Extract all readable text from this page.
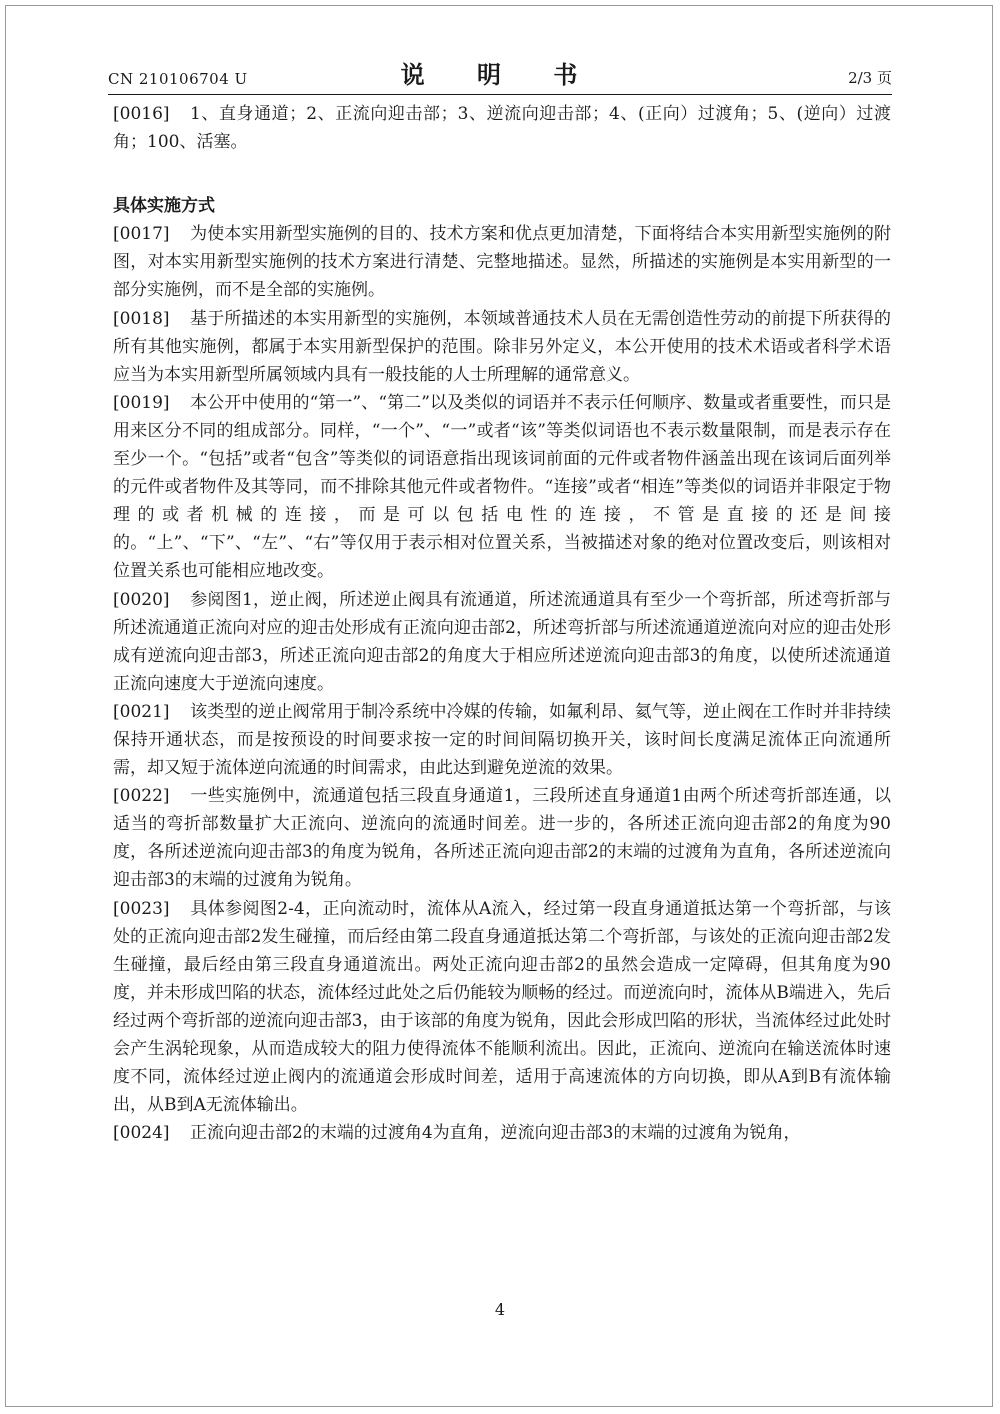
CN 210106704 U	说 明 书	2/3 页

[0016] 1、直身通道；2、正流向迎击部；3、逆流向迎击部；4、(正向）过渡角；5、(逆向）过渡角；100、活塞。

具体实施方式

[0017] 为使本实用新型实施例的目的、技术方案和优点更加清楚，下面将结合本实用新型实施例的附图，对本实用新型实施例的技术方案进行清楚、完整地描述。显然，所描述的实施例是本实用新型的一部分实施例，而不是全部的实施例。

[0018] 基于所描述的本实用新型的实施例，本领域普通技术人员在无需创造性劳动的前提下所获得的所有其他实施例，都属于本实用新型保护的范围。除非另外定义，本公开使用的技术术语或者科学术语应当为本实用新型所属领域内具有一般技能的人士所理解的通常意义。

[0019] 本公开中使用的“第一”、“第二”以及类似的词语并不表示任何顺序、数量或者重要性，而只是用来区分不同的组成部分。同样，“一个”、“一”或者“该”等类似词语也不表示数量限制，而是表示存在至少一个。“包括”或者“包含”等类似的词语意指出现该词前面的元件或者物件涵盖出现在该词后面列举的元件或者物件及其等同，而不排除其他元件或者物件。“连接”或者“相连”等类似的词语并非限定于物理的或者机械的连接，而是可以包括电性的连接，不管是直接的还是间接的。“上”、“下”、“左”、“右”等仅用于表示相对位置关系，当被描述对象的绝对位置改变后，则该相对位置关系也可能相应地改变。

[0020] 参阅图1，逆止阀，所述逆止阀具有流通道，所述流通道具有至少一个弯折部，所述弯折部与所述流通道正流向对应的迎击处形成有正流向迎击部2，所述弯折部与所述流通道逆流向对应的迎击处形成有逆流向迎击部3，所述正流向迎击部2的角度大于相应所述逆流向迎击部3的角度，以使所述流通道正流向速度大于逆流向速度。

[0021] 该类型的逆止阀常用于制冷系统中冷媒的传输，如氟利昂、氦气等，逆止阀在工作时并非持续保持开通状态，而是按预设的时间要求按一定的时间间隔切换开关，该时间长度满足流体正向流通所需，却又短于流体逆向流通的时间需求，由此达到避免逆流的效果。

[0022] 一些实施例中，流通道包括三段直身通道1，三段所述直身通道1由两个所述弯折部连通，以适当的弯折部数量扩大正流向、逆流向的流通时间差。进一步的，各所述正流向迎击部2的角度为90度，各所述逆流向迎击部3的角度为锐角，各所述正流向迎击部2的末端的过渡角为直角，各所述逆流向迎击部3的末端的过渡角为锐角。

[0023] 具体参阅图2-4，正向流动时，流体从A流入，经过第一段直身通道抵达第一个弯折部，与该处的正流向迎击部2发生碰撞，而后经由第二段直身通道抵达第二个弯折部，与该处的正流向迎击部2发生碰撞，最后经由第三段直身通道流出。两处正流向迎击部2的虽然会造成一定障碍，但其角度为90度，并未形成凹陷的状态，流体经过此处之后仍能较为顺畅的经过。而逆流向时，流体从B端进入，先后经过两个弯折部的逆流向迎击部3，由于该部的角度为锐角，因此会形成凹陷的形状，当流体经过此处时会产生涡轮现象，从而造成较大的阻力使得流体不能顺利流出。因此，正流向、逆流向在输送流体时速度不同，流体经过逆止阀内的流通道会形成时间差，适用于高速流体的方向切换，即从A到B有流体输出，从B到A无流体输出。

[0024] 正流向迎击部2的末端的过渡角4为直角，逆流向迎击部3的末端的过渡角为锐角，

4
